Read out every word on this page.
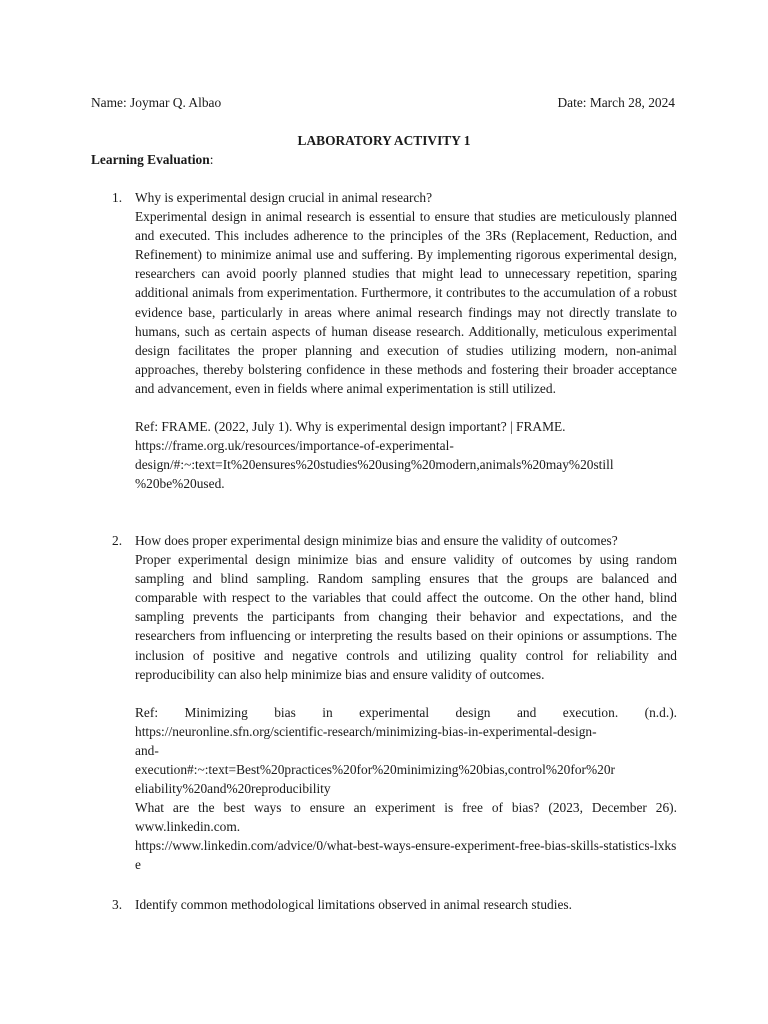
Name: Joymar Q. Albao	Date: March 28, 2024
LABORATORY ACTIVITY 1
Learning Evaluation:
1. Why is experimental design crucial in animal research?
Experimental design in animal research is essential to ensure that studies are meticulously planned and executed. This includes adherence to the principles of the 3Rs (Replacement, Reduction, and Refinement) to minimize animal use and suffering. By implementing rigorous experimental design, researchers can avoid poorly planned studies that might lead to unnecessary repetition, sparing additional animals from experimentation. Furthermore, it contributes to the accumulation of a robust evidence base, particularly in areas where animal research findings may not directly translate to humans, such as certain aspects of human disease research. Additionally, meticulous experimental design facilitates the proper planning and execution of studies utilizing modern, non-animal approaches, thereby bolstering confidence in these methods and fostering their broader acceptance and advancement, even in fields where animal experimentation is still utilized.
Ref: FRAME. (2022, July 1). Why is experimental design important? | FRAME.
https://frame.org.uk/resources/importance-of-experimental-
design/#:~:text=It%20ensures%20studies%20using%20modern,animals%20may%20still
%20be%20used.
2. How does proper experimental design minimize bias and ensure the validity of outcomes?
Proper experimental design minimize bias and ensure validity of outcomes by using random sampling and blind sampling. Random sampling ensures that the groups are balanced and comparable with respect to the variables that could affect the outcome. On the other hand, blind sampling prevents the participants from changing their behavior and expectations, and the researchers from influencing or interpreting the results based on their opinions or assumptions. The inclusion of positive and negative controls and utilizing quality control for reliability and reproducibility can also help minimize bias and ensure validity of outcomes.
Ref: Minimizing bias in experimental design and execution. (n.d.).
https://neuronline.sfn.org/scientific-research/minimizing-bias-in-experimental-design-
and-
execution#:~:text=Best%20practices%20for%20minimizing%20bias,control%20for%20r
eliability%20and%20reproducibility
What are the best ways to ensure an experiment is free of bias? (2023, December 26). www.linkedin.com.
https://www.linkedin.com/advice/0/what-best-ways-ensure-experiment-free-bias-skills-statistics-lxkse
3. Identify common methodological limitations observed in animal research studies.
